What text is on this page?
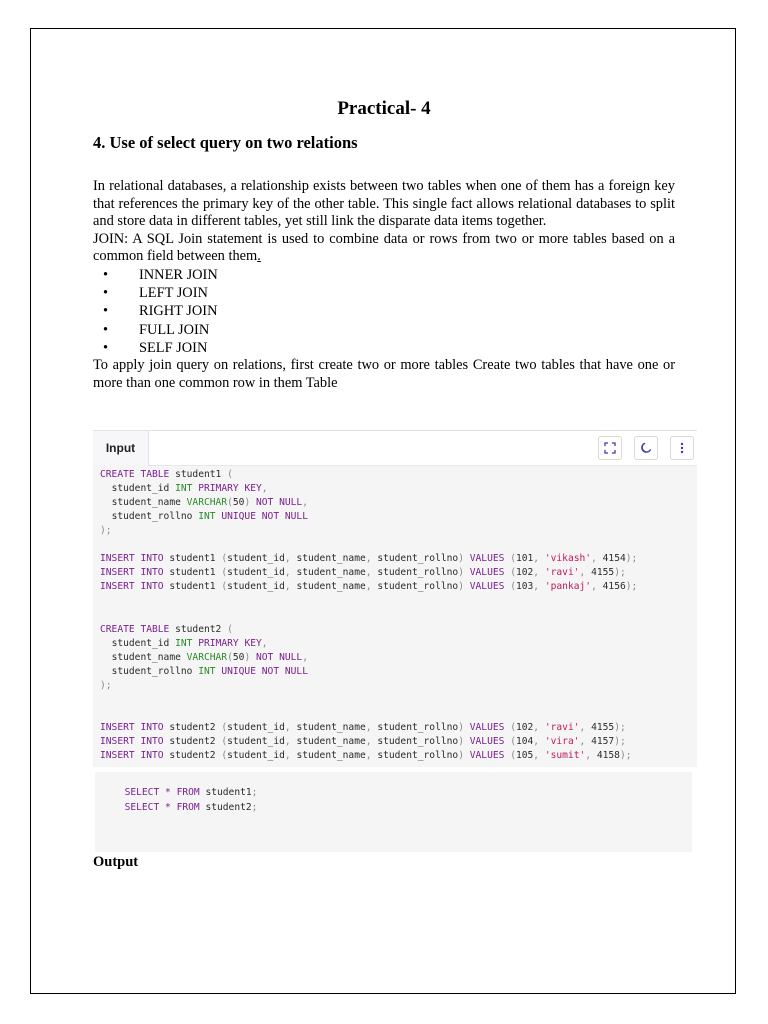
Practical- 4
4. Use of select query on two relations

In relational databases, a relationship exists between two tables when one of them has a foreign key that references the primary key of the other table. This single fact allows relational databases to split and store data in different tables, yet still link the disparate data items together.

JOIN: A SQL Join statement is used to combine data or rows from two or more tables based on a common field between them.

• INNER JOIN
• LEFT JOIN
• RIGHT JOIN
• FULL JOIN
• SELF JOIN

To apply join query on relations, first create two or more tables Create two tables that have one or more than one common row in them Table

Input
CREATE TABLE student1 (
student_id INT PRIMARY KEY,
student_name VARCHAR(50) NOT NULL,
student_rollno INT UNIQUE NOT NULL
);
INSERT INTO student1 (student_id, student_name, student_rollno) VALUES (101, 'vikash', 4154);
INSERT INTO student1 (student_id, student_name, student_rollno) VALUES (102, 'ravi', 4155);
INSERT INTO student1 (student_id, student_name, student_rollno) VALUES (103, 'pankaj', 4156);
CREATE TABLE student2 (
student_id INT PRIMARY KEY,
student_name VARCHAR(50) NOT NULL,
student_rollno INT UNIQUE NOT NULL
);
INSERT INTO student2 (student_id, student_name, student_rollno) VALUES (102, 'ravi', 4155);
INSERT INTO student2 (student_id, student_name, student_rollno) VALUES (104, 'vira', 4157);
INSERT INTO student2 (student_id, student_name, student_rollno) VALUES (105, 'sumit', 4158);
SELECT * FROM student1;
SELECT * FROM student2;
Output
